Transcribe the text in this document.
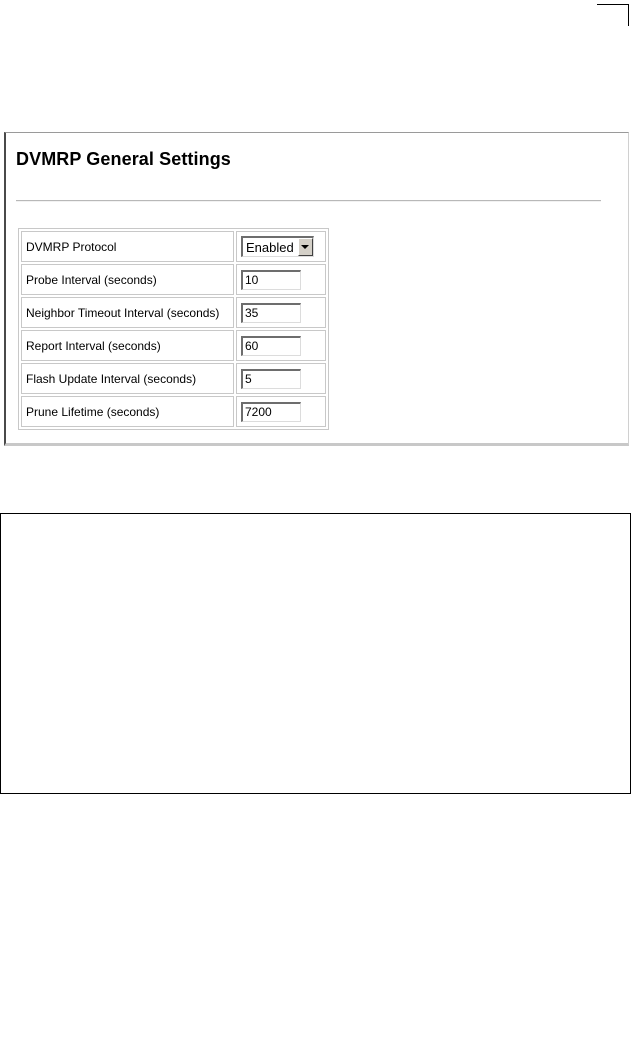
DVMRP General Settings
DVMRP Protocol	Enabled

Probe Interval (seconds)	10

Neighbor Timeout Interval (seconds)	35

Report Interval (seconds)	60

Flash Update Interval (seconds)	5

Prune Lifetime (seconds)	7200
